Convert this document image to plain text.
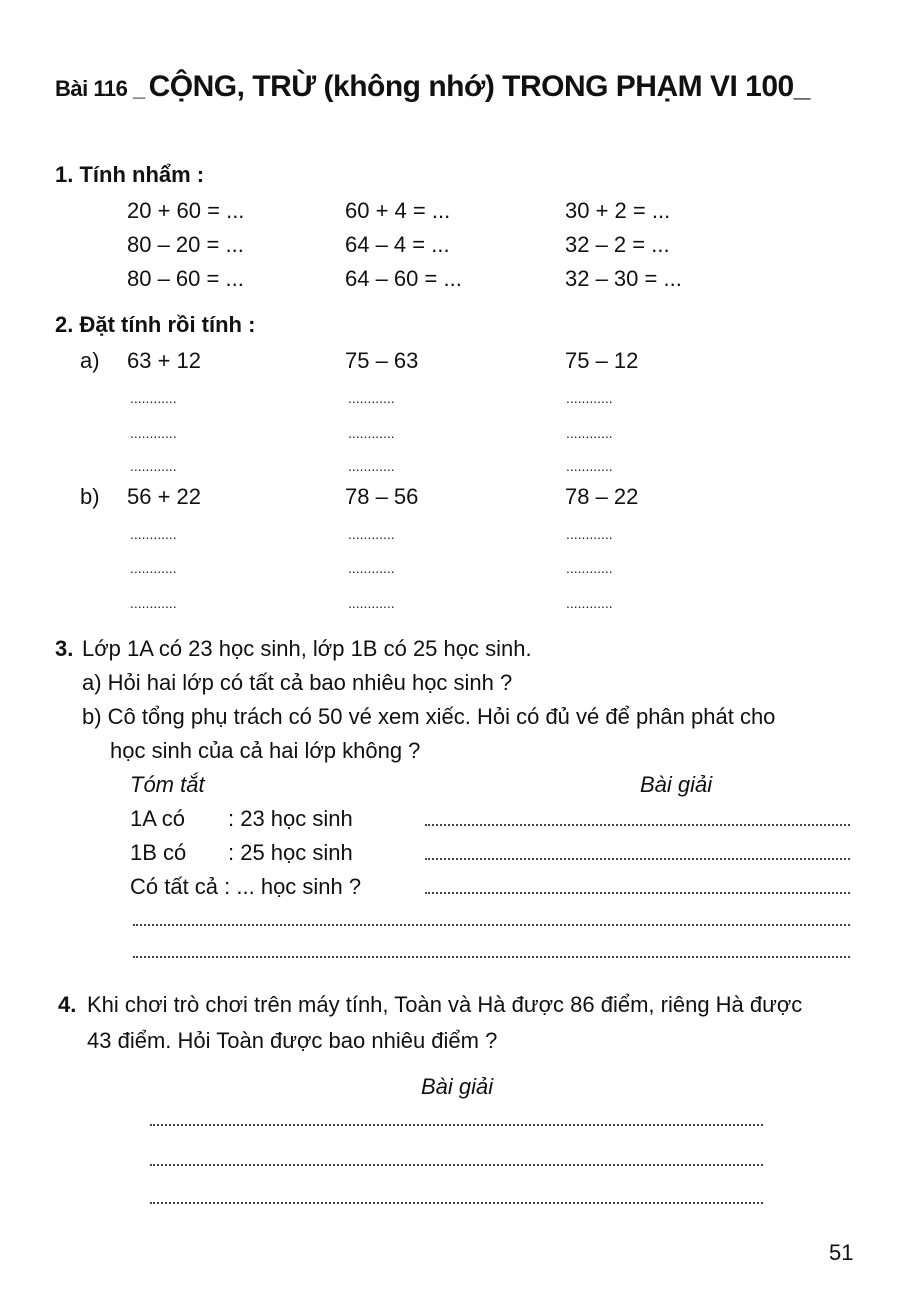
Bài 116 _ CỘNG, TRỪ (không nhớ) TRONG PHẠM VI 100_
1. Tính nhẩm :
20 + 60 = ...	60 + 4 = ...	30 + 2 = ...
80 – 20 = ...	64 – 4 = ...	32 – 2 = ...
80 – 60 = ...	64 – 60 = ...	32 – 30 = ...
2. Đặt tính rồi tính :
a) 63 + 12	75 – 63	75 – 12
............	............	............
............	............	............
............	............	............
b) 56 + 22	78 – 56	78 – 22
............	............	............
............	............	............
............	............	............
3. Lớp 1A có 23 học sinh, lớp 1B có 25 học sinh.
a) Hỏi hai lớp có tất cả bao nhiêu học sinh ?
b) Cô tổng phụ trách có 50 vé xem xiếc. Hỏi có đủ vé để phân phát cho
học sinh của cả hai lớp không ?
Tóm tắt	Bài giải
1A có : 23 học sinh
1B có : 25 học sinh
Có tất cả : ... học sinh ?
4. Khi chơi trò chơi trên máy tính, Toàn và Hà được 86 điểm, riêng Hà được
43 điểm. Hỏi Toàn được bao nhiêu điểm ?
Bài giải
51
